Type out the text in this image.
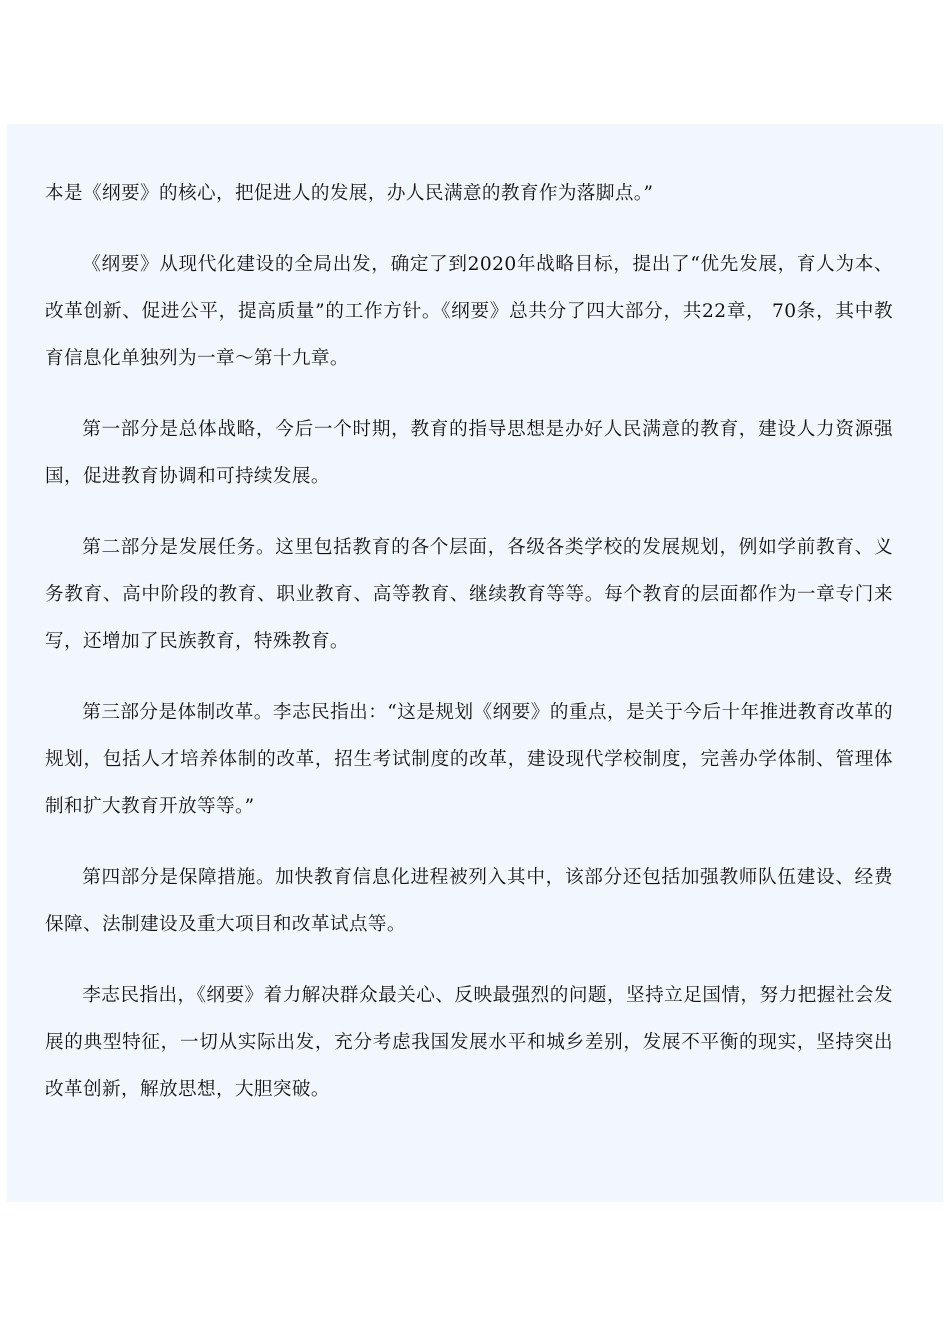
本是《纲要》的核心，把促进人的发展，办人民满意的教育作为落脚点。”

《纲要》从现代化建设的全局出发，确定了到2020年战略目标，提出了“优先发展，育人为本、改革创新、促进公平，提高质量”的工作方针。《纲要》总共分了四大部分，共22章， 70条，其中教育信息化单独列为一章～第十九章。

第一部分是总体战略，今后一个时期，教育的指导思想是办好人民满意的教育，建设人力资源强国，促进教育协调和可持续发展。

第二部分是发展任务。这里包括教育的各个层面，各级各类学校的发展规划，例如学前教育、义务教育、高中阶段的教育、职业教育、高等教育、继续教育等等。每个教育的层面都作为一章专门来写，还增加了民族教育，特殊教育。

第三部分是体制改革。李志民指出：“这是规划《纲要》的重点，是关于今后十年推进教育改革的规划，包括人才培养体制的改革，招生考试制度的改革，建设现代学校制度，完善办学体制、管理体制和扩大教育开放等等。”

第四部分是保障措施。加快教育信息化进程被列入其中，该部分还包括加强教师队伍建设、经费保障、法制建设及重大项目和改革试点等。

李志民指出，《纲要》着力解决群众最关心、反映最强烈的问题，坚持立足国情，努力把握社会发展的典型特征，一切从实际出发，充分考虑我国发展水平和城乡差别，发展不平衡的现实，坚持突出改革创新，解放思想，大胆突破。
